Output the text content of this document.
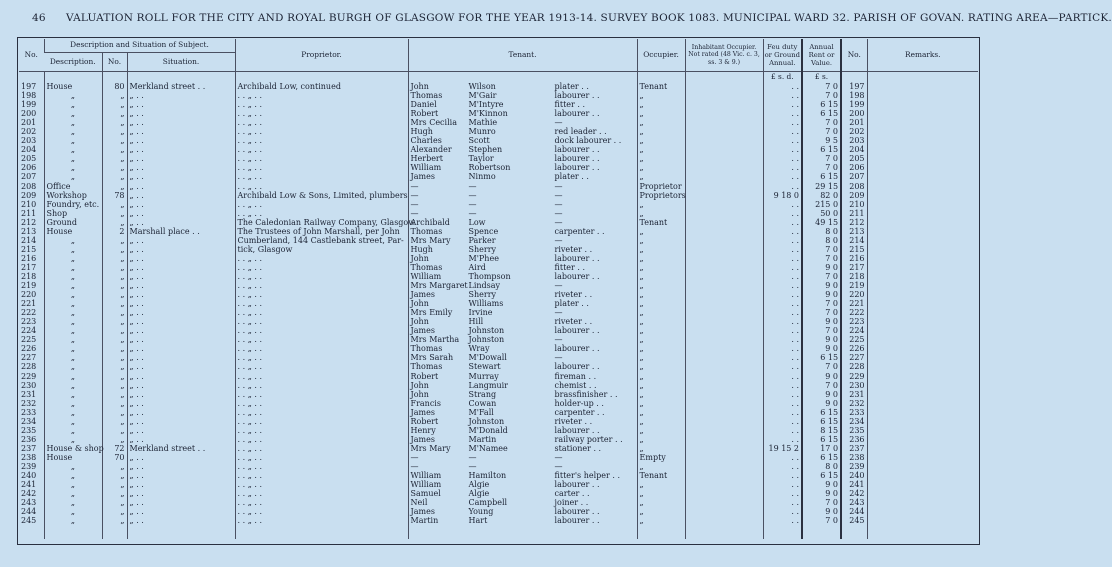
46 VALUATION ROLL FOR THE CITY AND ROYAL BURGH OF GLASGOW FOR THE YEAR 1913-14. SURVEY BOOK 1083. MUNICIPAL WARD 32. PARISH OF GOVAN. RATING AREA—PARTICK.
No.	Description and Situation of Subject.			Proprietor.	Tenant.	Occupier.	Inhabitant Occupier. Not rated (48 Vic. c. 3, ss. 3 & 9.)	Feu duty or Ground Annual.	Annual Rent or Value.	No.	Remarks.
	Description.	No.	Situation.								
								£ s. d.	£ s.		
197	House	80	Merkland street . .	Archibald Low, continued	John Wilson plater . .	Tenant		. .	7 0	197	
198	„	„	„ . .	. . „ . .	Thomas M'Gair labourer . .	„		. .	7 0	198	
199	„	„	„ . .	. . „ . .	Daniel M'Intyre fitter . .	„		. .	6 15	199	
200	„	„	„ . .	. . „ . .	Robert M'Kinnon labourer . .	„		. .	6 15	200	
201	„	„	„ . .	. . „ . .	Mrs Cecilia Mathie —	„		. .	7 0	201	
202	„	„	„ . .	. . „ . .	Hugh Munro red leader . .	„		. .	7 0	202	
203	„	„	„ . .	. . „ . .	Charles Scott dock labourer . .	„		. .	9 5	203	
204	„	„	„ . .	. . „ . .	Alexander Stephen labourer . .	„		. .	6 15	204	
205	„	„	„ . .	. . „ . .	Herbert Taylor labourer . .	„		. .	7 0	205	
206	„	„	„ . .	. . „ . .	William Robertson labourer . .	„		. .	7 0	206	
207	„	„	„ . .	. . „ . .	James Ninmo plater . .	„		. .	6 15	207	
208	Office	„	„ . .	. . „ . .	— — —	Proprietor		. .	29 15	208	
209	Workshop	78	„ . .	Archibald Low & Sons, Limited, plumbers	— — —	Proprietors		9 18 0	82 0	209	
210	Foundry, etc.	„	„ . .	. . „ . .	— — —	„		. .	215 0	210	
211	Shop	„	„ . .	. . „ . .	— — —	„		. .	50 0	211	
212	Ground	„	„ . .	The Caledonian Railway Company, Glasgow	Archibald Low —	Tenant		. .	49 15	212	
213	House	2	Marshall place . .	The Trustees of John Marshall, per John	Thomas Spence carpenter . .	„		. .	8 0	213	
214	„	„	„ . .	Cumberland, 144 Castlebank street, Par-	Mrs Mary Parker —	„		. .	8 0	214	
215	„	„	„ . .	tick, Glasgow	Hugh Sherry riveter . .	„		. .	7 0	215	
216	„	„	„ . .	. . „ . .	John M'Phee labourer . .	„		. .	7 0	216	
217	„	„	„ . .	. . „ . .	Thomas Aird fitter . .	„		. .	9 0	217	
218	„	„	„ . .	. . „ . .	William Thompson labourer . .	„		. .	7 0	218	
219	„	„	„ . .	. . „ . .	Mrs MargaretLindsay —	„		. .	9 0	219	
220	„	„	„ . .	. . „ . .	James Sherry riveter . .	„		. .	9 0	220	
221	„	„	„ . .	. . „ . .	John Williams plater . .	„		. .	7 0	221	
222	„	„	„ . .	. . „ . .	Mrs Emily Irvine —	„		. .	7 0	222	
223	„	„	„ . .	. . „ . .	John Hill riveter . .	„		. .	9 0	223	
224	„	„	„ . .	. . „ . .	James Johnston labourer . .	„		. .	7 0	224	
225	„	„	„ . .	. . „ . .	Mrs Martha Johnston —	„		. .	9 0	225	
226	„	„	„ . .	. . „ . .	Thomas Wray labourer . .	„		. .	9 0	226	
227	„	„	„ . .	. . „ . .	Mrs Sarah M'Dowall —	„		. .	6 15	227	
228	„	„	„ . .	. . „ . .	Thomas Stewart labourer . .	„		. .	7 0	228	
229	„	„	„ . .	. . „ . .	Robert Murray fireman . .	„		. .	9 0	229	
230	„	„	„ . .	. . „ . .	John Langmuir chemist . .	„		. .	7 0	230	
231	„	„	„ . .	. . „ . .	John Strang brassfinisher . .	„		. .	9 0	231	
232	„	„	„ . .	. . „ . .	Francis Cowan holder-up . .	„		. .	9 0	232	
233	„	„	„ . .	. . „ . .	James M'Fall carpenter . .	„		. .	6 15	233	
234	„	„	„ . .	. . „ . .	Robert Johnston riveter . .	„		. .	6 15	234	
235	„	„	„ . .	. . „ . .	Henry M'Donald labourer . .	„		. .	8 15	235	
236	„	„	„ . .	. . „ . .	James Martin railway porter . .	„		. .	6 15	236	
237	House & shop	72	Merkland street . .	. . „ . .	Mrs Mary M'Namee stationer . .	„		19 15 2	17 0	237	
238	House	70	„ . .	. . „ . .	— — —	Empty		. .	6 15	238	
239	„	„	„ . .	. . „ . .	— — —	„		. .	8 0	239	
240	„	„	„ . .	. . „ . .	William Hamilton fitter's helper . .	Tenant		. .	6 15	240	
241	„	„	„ . .	. . „ . .	William Algie labourer . .	„		. .	9 0	241	
242	„	„	„ . .	. . „ . .	Samuel Algie carter . .	„		. .	9 0	242	
243	„	„	„ . .	. . „ . .	Neil Campbell joiner . .	„		. .	7 0	243	
244	„	„	„ . .	. . „ . .	James Young labourer . .	„		. .	9 0	244	
245	„	„	„ . .	. . „ . .	Martin Hart labourer . .	„		. .	7 0	245	
